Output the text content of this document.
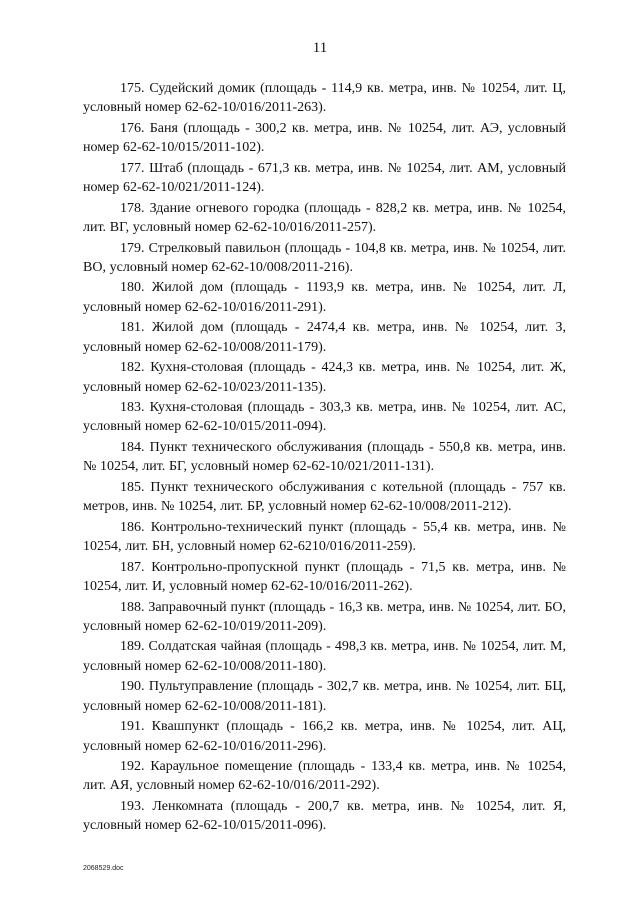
11

175. Судейский домик (площадь - 114,9 кв. метра, инв. № 10254, лит. Ц, условный номер 62-62-10/016/2011-263).

176. Баня (площадь - 300,2 кв. метра, инв. № 10254, лит. АЭ, условный номер 62-62-10/015/2011-102).

177. Штаб (площадь - 671,3 кв. метра, инв. № 10254, лит. АМ, условный номер 62-62-10/021/2011-124).

178. Здание огневого городка (площадь - 828,2 кв. метра, инв. № 10254, лит. ВГ, условный номер 62-62-10/016/2011-257).

179. Стрелковый павильон (площадь - 104,8 кв. метра, инв. № 10254, лит. ВО, условный номер 62-62-10/008/2011-216).

180. Жилой дом (площадь - 1193,9 кв. метра, инв. № 10254, лит. Л, условный номер 62-62-10/016/2011-291).

181. Жилой дом (площадь - 2474,4 кв. метра, инв. № 10254, лит. З, условный номер 62-62-10/008/2011-179).

182. Кухня-столовая (площадь - 424,3 кв. метра, инв. № 10254, лит. Ж, условный номер 62-62-10/023/2011-135).

183. Кухня-столовая (площадь - 303,3 кв. метра, инв. № 10254, лит. АС, условный номер 62-62-10/015/2011-094).

184. Пункт технического обслуживания (площадь - 550,8 кв. метра, инв. № 10254, лит. БГ, условный номер 62-62-10/021/2011-131).

185. Пункт технического обслуживания с котельной (площадь - 757 кв. метров, инв. № 10254, лит. БР, условный номер 62-62-10/008/2011-212).

186. Контрольно-технический пункт (площадь - 55,4 кв. метра, инв. № 10254, лит. БН, условный номер 62-6210/016/2011-259).

187. Контрольно-пропускной пункт (площадь - 71,5 кв. метра, инв. № 10254, лит. И, условный номер 62-62-10/016/2011-262).

188. Заправочный пункт (площадь - 16,3 кв. метра, инв. № 10254, лит. БО, условный номер 62-62-10/019/2011-209).

189. Солдатская чайная (площадь - 498,3 кв. метра, инв. № 10254, лит. М, условный номер 62-62-10/008/2011-180).

190. Пультуправление (площадь - 302,7 кв. метра, инв. № 10254, лит. БЦ, условный номер 62-62-10/008/2011-181).

191. Квашпункт (площадь - 166,2 кв. метра, инв. № 10254, лит. АЦ, условный номер 62-62-10/016/2011-296).

192. Караульное помещение (площадь - 133,4 кв. метра, инв. № 10254, лит. АЯ, условный номер 62-62-10/016/2011-292).

193. Ленкомната (площадь - 200,7 кв. метра, инв. № 10254, лит. Я, условный номер 62-62-10/015/2011-096).

2068529.doc
